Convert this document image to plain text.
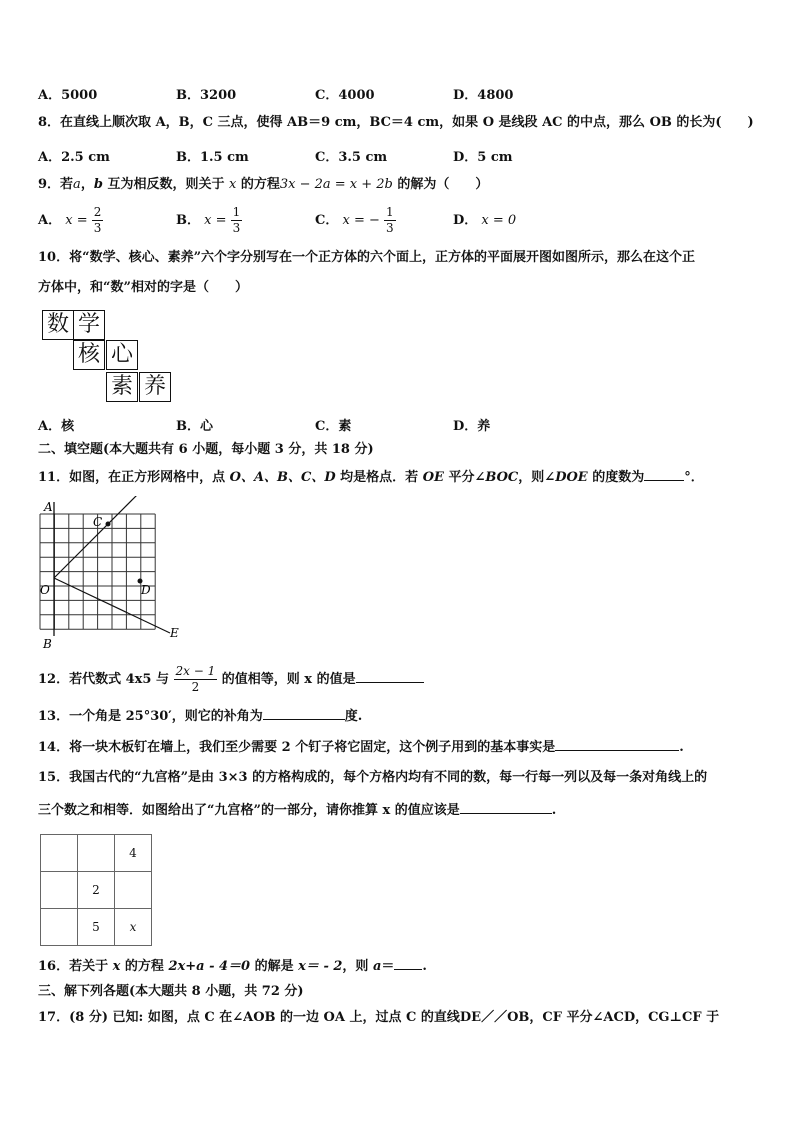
A．5000	B．3200	C．4000	D．4800
8．在直线上顺次取 A，B，C 三点，使得 AB＝9 cm，BC＝4 cm，如果 O 是线段 AC 的中点，那么 OB 的长为(　　)
A．2.5 cm	B．1.5 cm	C．3.5 cm	D．5 cm
9．若a，b 互为相反数，则关于 x 的方程3x − 2a = x + 2b 的解为（　　）
A． $x = \frac{2}{3}$	B． $x = \frac{1}{3}$	C． x = − $\frac{1}{3}$	D． x = 0
10．将“数学、核心、素养”六个字分别写在一个正方体的六个面上，正方体的平面展开图如图所示，那么在这个正
方体中，和“数”相对的字是（　　）
数 学
核 心
素 养
A．核	B．心	C．素	D．养
二、填空题(本大题共有 6 小题，每小题 3 分，共 18 分)
11．如图，在正方形网格中，点 O、A、B、C、D 均是格点．若 OE 平分∠BOC，则∠DOE 的度数为	°．
A
C
O	D
B
E
12．若代数式 4x5 与 $\frac{2x - 1}{2}$ 的值相等，则 x 的值是
13．一个角是 25°30′，则它的补角为	度.
14．将一块木板钉在墙上，我们至少需要 2 个钉子将它固定，这个例子用到的基本事实是	.
15．我国古代的“九宫格”是由 3×3 的方格构成的，每个方格内均有不同的数，每一行每一列以及每一条对角线上的
三个数之和相等．如图给出了“九宫格”的一部分，请你推算 x 的值应该是	.
		4
	2	
	5	x
16．若关于 x 的方程 2x+a - 4＝0 的解是 x＝ - 2，则 a＝ .
三、解下列各题(本大题共 8 小题，共 72 分)
17．(8 分) 已知: 如图，点 C 在∠AOB 的一边 OA 上，过点 C 的直线DE／／OB，CF 平分∠ACD，CG⊥CF 于
